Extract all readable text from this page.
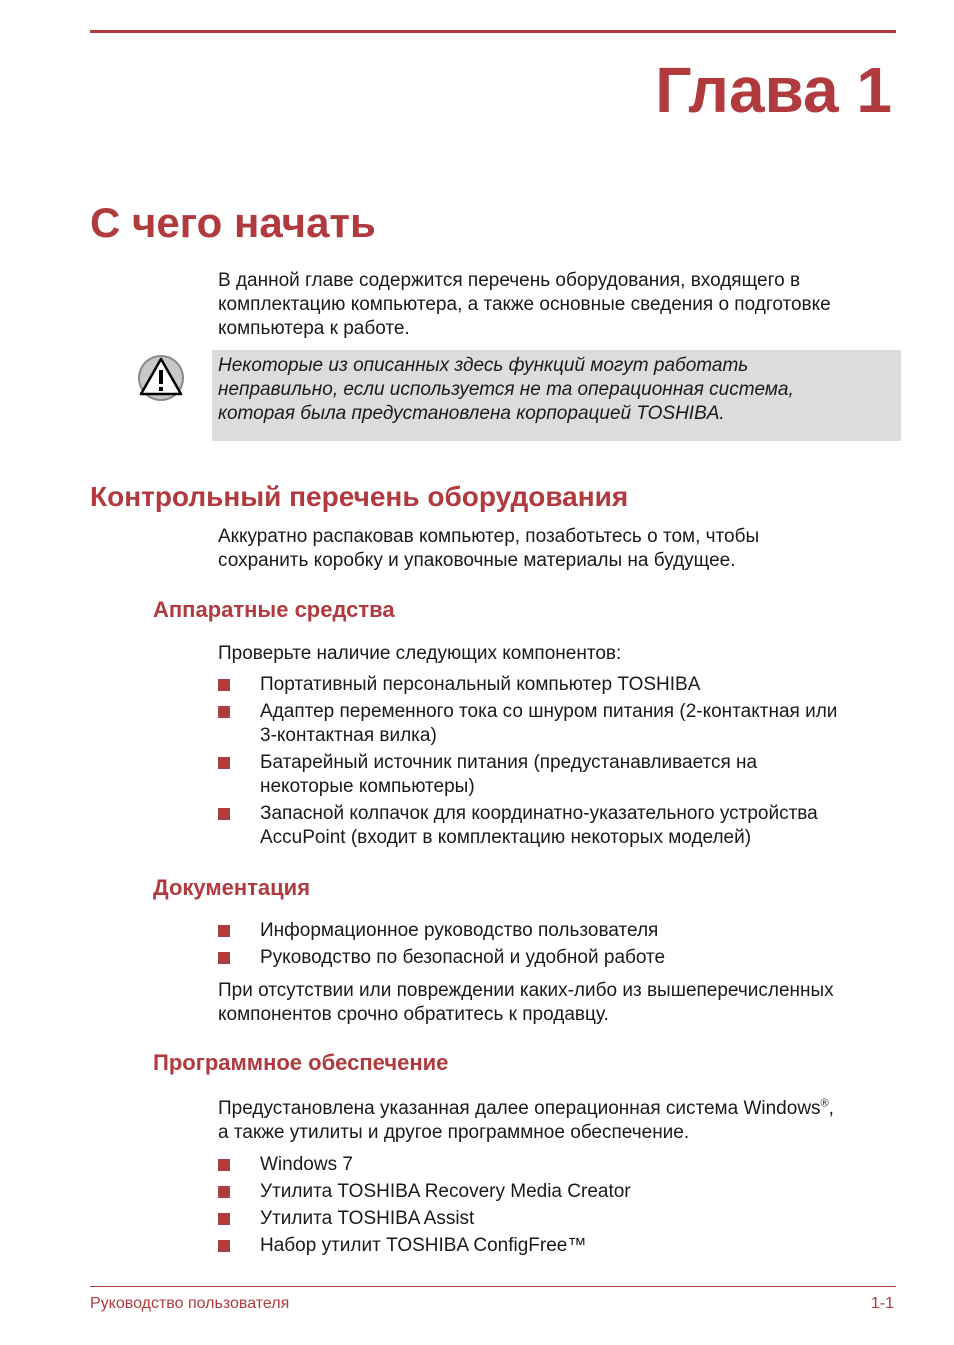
Глава 1
С чего начать

В данной главе содержится перечень оборудования, входящего в
комплектацию компьютера, а также основные сведения о подготовке
компьютера к работе.

Некоторые из описанных здесь функций могут работать
неправильно, если используется не та операционная система,
которая была предустановлена корпорацией TOSHIBA.

Контрольный перечень оборудования

Аккуратно распаковав компьютер, позаботьтесь о том, чтобы
сохранить коробку и упаковочные материалы на будущее.

Аппаратные средства

Проверьте наличие следующих компонентов:

Портативный персональный компьютер TOSHIBA
Адаптер переменного тока со шнуром питания (2-контактная или
3-контактная вилка)
Батарейный источник питания (предустанавливается на
некоторые компьютеры)
Запасной колпачок для координатно-указательного устройства
AccuPoint (входит в комплектацию некоторых моделей)
Документация
Информационное руководство пользователя
Руководство по безопасной и удобной работе

При отсутствии или повреждении каких-либо из вышеперечисленных
компонентов срочно обратитесь к продавцу.

Программное обеспечение

Предустановлена указанная далее операционная система Windows®,
а также утилиты и другое программное обеспечение.

Windows 7
Утилита TOSHIBA Recovery Media Creator
Утилита TOSHIBA Assist
Набор утилит TOSHIBA ConfigFree™
Руководство пользователя	1-1
